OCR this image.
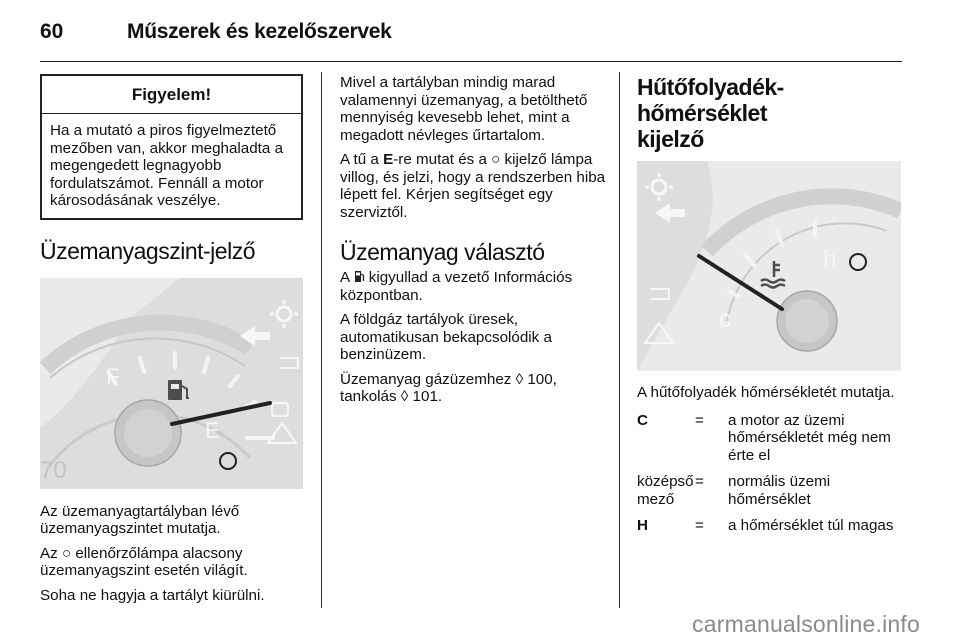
60	Műszerek és kezelőszervek
Figyelem!
Ha a mutató a piros figyelmeztető mezőben van, akkor meghaladta a megengedett legnagyobb fordulatszámot. Fennáll a motor károsodásának veszélye.
Üzemanyagszint-jelző
F
E
70

Az üzemanyagtartályban lévő üzemanyagszintet mutatja.

Az ○ ellenőrzőlámpa alacsony üzemanyagszint esetén világít.

Soha ne hagyja a tartályt kiürülni.

Mivel a tartályban mindig marad valamennyi üzemanyag, a betölthető mennyiség kevesebb lehet, mint a megadott névleges űrtartalom.

A tű a E-re mutat és a ○ kijelző lámpa villog, és jelzi, hogy a rendszerben hiba lépett fel. Kérjen segítséget egy szerviztől.

Üzemanyag választó

A  kigyullad a vezető Információs központban.

A földgáz tartályok üresek, automatikusan bekapcsolódik a benzinüzem.

Üzemanyag gázüzemhez ◊ 100,
tankolás ◊ 101.

Hűtőfolyadék-hőmérséklet
kijelző
h
c

A hűtőfolyadék hőmérsékletét mutatja.

C	=	a motor az üzemi hőmérsékletét még nem érte el
középső mező	=	normális üzemi hőmérséklet
H	=	a hőmérséklet túl magas
carmanualsonline.info
